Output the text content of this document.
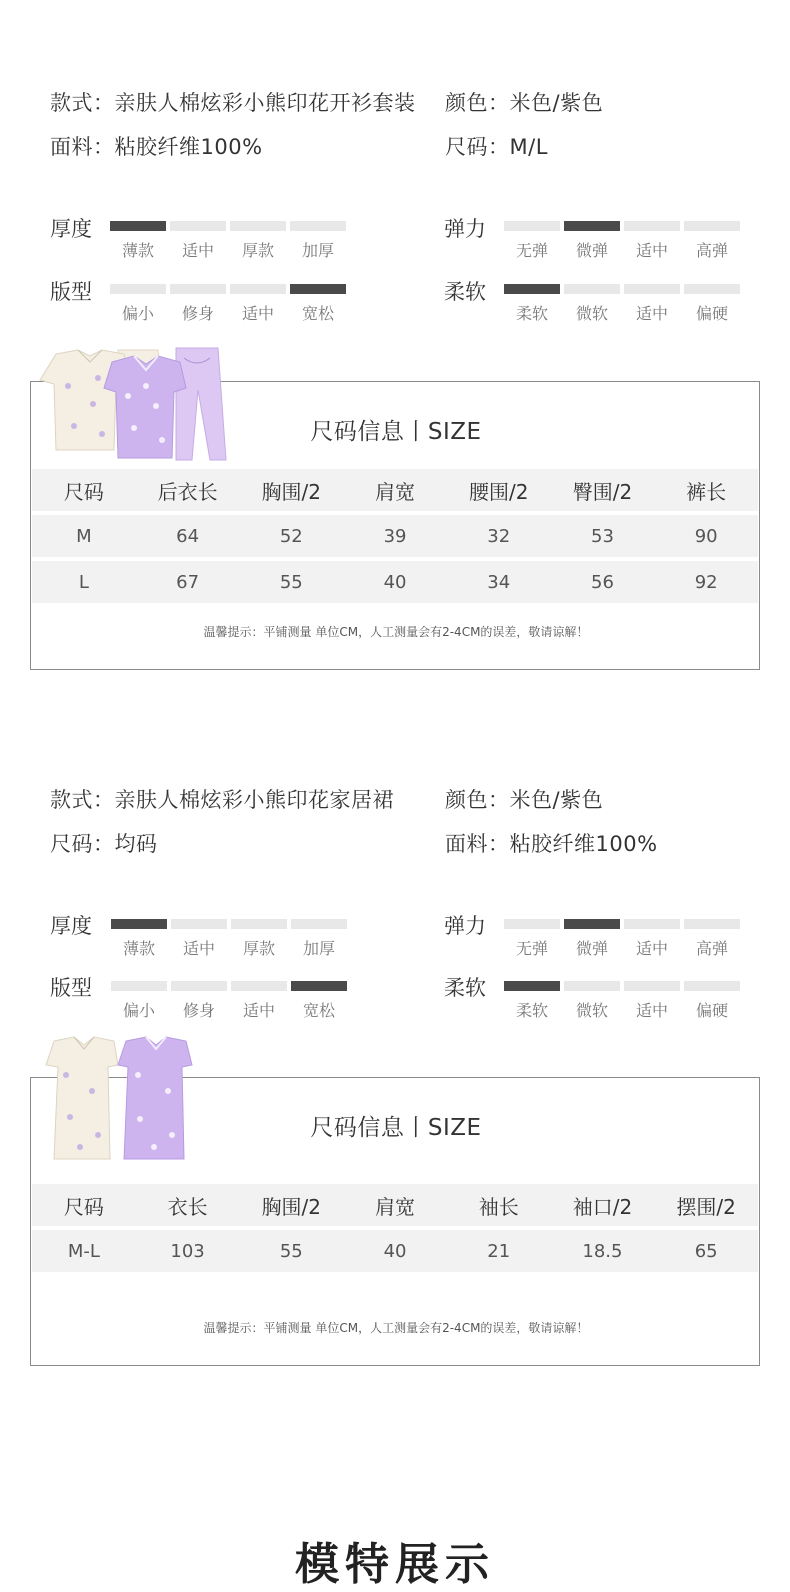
款式：亲肤人棉炫彩小熊印花开衫套装 颜色：米色/紫色
面料：粘胶纤维100%	尺码：M/L
厚度
薄款	适中	厚款	加厚
弹力
无弹	微弹	适中	高弹
版型
偏小	修身	适中	宽松
柔软
柔软	微软	适中	偏硬
尺码信息丨SIZE
尺码	后衣长	胸围/2	肩宽	腰围/2	臀围/2	裤长
M	64	52	39	32	53	90
L	67	55	40	34	56	92
温馨提示：平铺测量 单位CM，人工测量会有2-4CM的误差，敬请谅解！
款式：亲肤人棉炫彩小熊印花家居裙 颜色：米色/紫色
尺码：均码	面料：粘胶纤维100%
厚度
薄款	适中	厚款	加厚
弹力
无弹	微弹	适中	高弹
版型
偏小	修身	适中	宽松
柔软
柔软	微软	适中	偏硬
尺码信息丨SIZE
尺码	衣长	胸围/2	肩宽	袖长	袖口/2	摆围/2
M-L	103	55	40	21	18.5	65
温馨提示：平铺测量 单位CM，人工测量会有2-4CM的误差，敬请谅解！
模特展示
